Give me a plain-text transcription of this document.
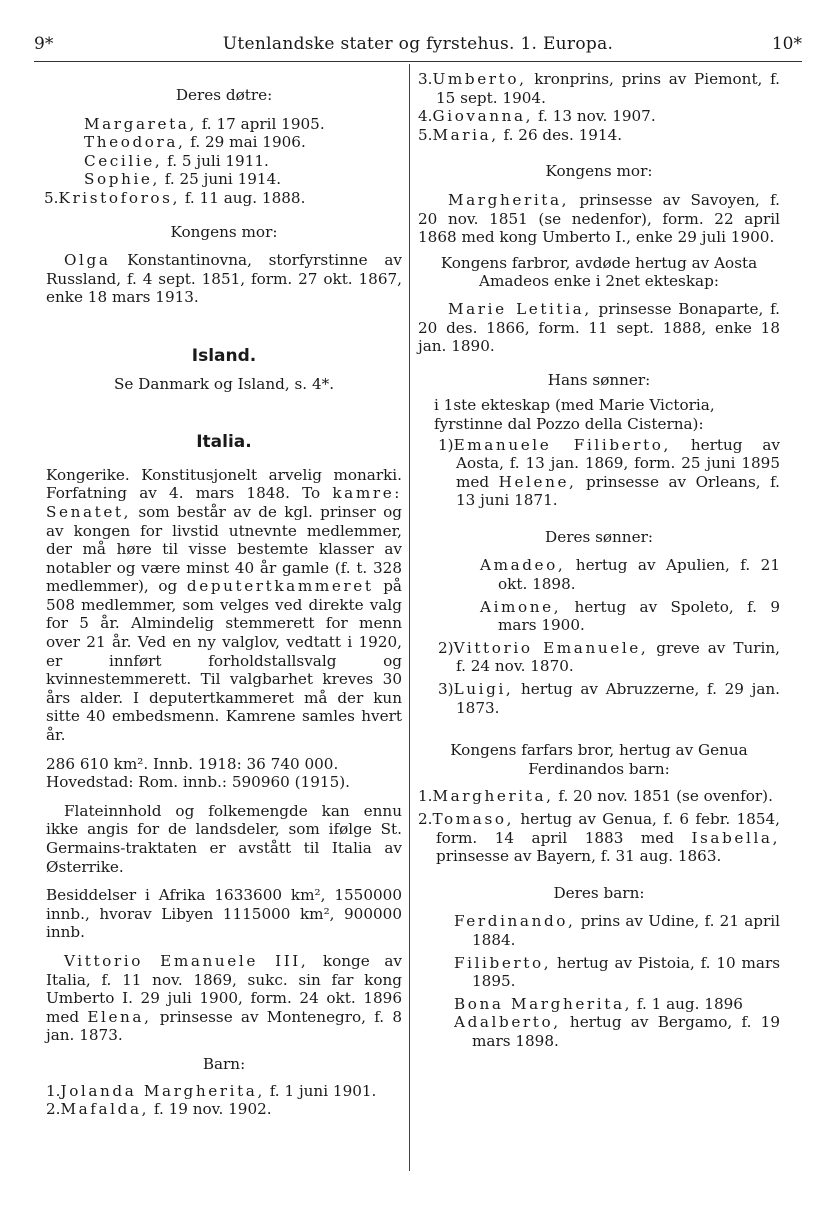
9*	Utenlandske stater og fyrstehus. 1. Europa.	10*

Deres døtre:

Margareta, f. 17 april 1905.

Theodora, f. 29 mai 1906.

Cecilie, f. 5 juli 1911.

Sophie, f. 25 juni 1914.

5.Kristoforos, f. 11 aug. 1888.

Kongens mor:

Olga Konstantinovna, storfyrstinne av Russland, f. 4 sept. 1851, form. 27 okt. 1867, enke 18 mars 1913.

Island.

Se Danmark og Island, s. 4*.

Italia.

Kongerike. Konstitusjonelt arvelig monarki. Forfatning av 4. mars 1848. To kamre: Senatet, som består av de kgl. prinser og av kongen for livstid utnevnte medlemmer, der må høre til visse bestemte klasser av notabler og være minst 40 år gamle (f. t. 328 medlemmer), og deputertkammeret på 508 medlemmer, som velges ved direkte valg for 5 år. Almindelig stemmerett for menn over 21 år. Ved en ny valglov, vedtatt i 1920, er innført forholdstallsvalg og kvinnestemmerett. Til valgbarhet kreves 30 års alder. I deputertkammeret må der kun sitte 40 embedsmenn. Kamrene samles hvert år.

286 610 km². Innb. 1918: 36 740 000.

Hovedstad: Rom. innb.: 590960 (1915).

Flateinnhold og folkemengde kan ennu ikke angis for de landsdeler, som ifølge St. Germains-traktaten er avstått til Italia av Østerrike.

Besiddelser i Afrika 1633600 km², 1550000 innb., hvorav Libyen 1115000 km², 900000 innb.

Vittorio Emanuele III, konge av Italia, f. 11 nov. 1869, sukc. sin far kong Umberto I. 29 juli 1900, form. 24 okt. 1896 med Elena, prinsesse av Montenegro, f. 8 jan. 1873.

Barn:

1.Jolanda Margherita, f. 1 juni 1901.

2.Mafalda, f. 19 nov. 1902.

3.Umberto, kronprins, prins av Piemont, f. 15 sept. 1904.

4.Giovanna, f. 13 nov. 1907.

5.Maria, f. 26 des. 1914.

Kongens mor:

Margherita, prinsesse av Savoyen, f. 20 nov. 1851 (se nedenfor), form. 22 april 1868 med kong Umberto I., enke 29 juli 1900.

Kongens farbror, avdøde hertug av Aosta Amadeos enke i 2net ekteskap:

Marie Letitia, prinsesse Bonaparte, f. 20 des. 1866, form. 11 sept. 1888, enke 18 jan. 1890.

Hans sønner:

i 1ste ekteskap (med Marie Victoria, fyrstinne dal Pozzo della Cisterna):

1)Emanuele Filiberto, hertug av Aosta, f. 13 jan. 1869, form. 25 juni 1895 med Helene, prinsesse av Orleans, f. 13 juni 1871.

Deres sønner:

Amadeo, hertug av Apulien, f. 21 okt. 1898.

Aimone, hertug av Spoleto, f. 9 mars 1900.

2)Vittorio Emanuele, greve av Turin, f. 24 nov. 1870.

3)Luigi, hertug av Abruzzerne, f. 29 jan. 1873.

Kongens farfars bror, hertug av Genua Ferdinandos barn:

1.Margherita, f. 20 nov. 1851 (se ovenfor).

2.Tomaso, hertug av Genua, f. 6 febr. 1854, form. 14 april 1883 med Isabella, prinsesse av Bayern, f. 31 aug. 1863.

Deres barn:

Ferdinando, prins av Udine, f. 21 april 1884.

Filiberto, hertug av Pistoia, f. 10 mars 1895.

Bona Margherita, f. 1 aug. 1896

Adalberto, hertug av Bergamo, f. 19 mars 1898.
